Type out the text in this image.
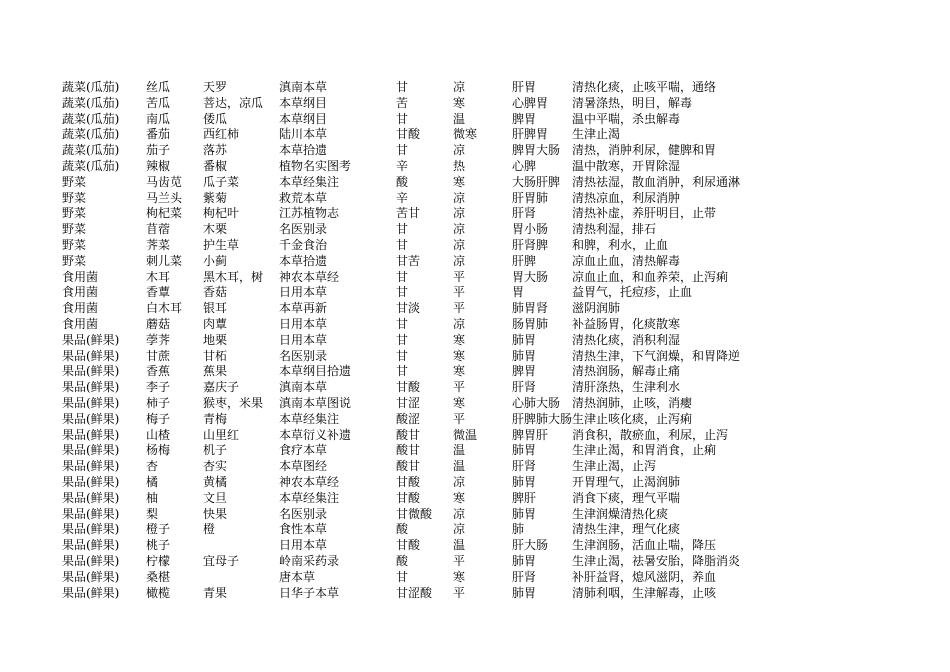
蔬菜(瓜茄)	丝瓜	天罗	滇南本草	甘	凉	肝胃	清热化痰，止咳平喘，通络
蔬菜(瓜茄)	苦瓜	菩达，凉瓜	本草纲目	苦	寒	心脾胃	清暑涤热，明目，解毒
蔬菜(瓜茄)	南瓜	倭瓜	本草纲目	甘	温	脾胃	温中平喘，杀虫解毒
蔬菜(瓜茄)	番茄	西红柿	陆川本草	甘酸	微寒	肝脾胃	生津止渴
蔬菜(瓜茄)	茄子	落苏	本草拾遗	甘	凉	脾胃大肠	清热，消肿利尿，健脾和胃
蔬菜(瓜茄)	辣椒	番椒	植物名实图考	辛	热	心脾	温中散寒，开胃除湿
野菜	马齿苋	瓜子菜	本草经集注	酸	寒	大肠肝脾	清热祛湿，散血消肿，利尿通淋
野菜	马兰头	紫菊	救荒本草	辛	凉	肝胃肺	清热凉血，利尿消肿
野菜	枸杞菜	枸杞叶	江苏植物志	苦甘	凉	肝肾	清热补虚，养肝明目，止带
野菜	苜蓿	木栗	名医别录	甘	凉	胃小肠	清热利湿，排石
野菜	荠菜	护生草	千金食治	甘	凉	肝肾脾	和脾，利水，止血
野菜	刺儿菜	小蓟	本草拾遗	甘苦	凉	肝脾	凉血止血，清热解毒
食用菌	木耳	黑木耳，树	神农本草经	甘	平	胃大肠	凉血止血，和血养荣，止泻痢
食用菌	香蕈	香菇	日用本草	甘	平	胃	益胃气，托痘疹，止血
食用菌	白木耳	银耳	本草再新	甘淡	平	肺胃肾	滋阴润肺
食用菌	蘑菇	肉蕈	日用本草	甘	凉	肠胃肺	补益肠胃，化痰散寒
果品(鲜果)	荸荠	地栗	日用本草	甘	寒	肺胃	清热化痰，消积利湿
果品(鲜果)	甘蔗	甘柘	名医别录	甘	寒	肺胃	清热生津，下气润燥，和胃降逆
果品(鲜果)	香蕉	蕉果	本草纲目拾遗	甘	寒	脾胃	清热润肠，解毒止痛
果品(鲜果)	李子	嘉庆子	滇南本草	甘酸	平	肝肾	清肝涤热，生津利水
果品(鲜果)	柿子	猴枣，米果	滇南本草图说	甘涩	寒	心肺大肠	清热润肺，止咳，消瘿
果品(鲜果)	梅子	青梅	本草经集注	酸涩	平	肝脾肺大肠	生津止咳化痰，止泻痢
果品(鲜果)	山楂	山里红	本草衍义补遗	酸甘	微温	脾胃肝	消食积，散瘀血，利尿，止泻
果品(鲜果)	杨梅	机子	食疗本草	酸甘	温	肺胃	生津止渴，和胃消食，止痢
果品(鲜果)	杏	杏实	本草图经	酸甘	温	肝肾	生津止渴，止泻
果品(鲜果)	橘	黄橘	神农本草经	甘酸	凉	肺胃	开胃理气，止渴润肺
果品(鲜果)	柚	文旦	本草经集注	甘酸	寒	脾肝	消食下痰，理气平喘
果品(鲜果)	梨	快果	名医别录	甘微酸	凉	肺胃	生津润燥清热化痰
果品(鲜果)	橙子	橙	食性本草	酸	凉	肺	清热生津，理气化痰
果品(鲜果)	桃子		日用本草	甘酸	温	肝大肠	生津润肠，活血止喘，降压
果品(鲜果)	柠檬	宜母子	岭南采药录	酸	平	肺胃	生津止渴，祛暑安胎，降脂消炎
果品(鲜果)	桑椹		唐本草	甘	寒	肝肾	补肝益肾，熄风滋阴，养血
果品(鲜果)	橄榄	青果	日华子本草	甘涩酸	平	肺胃	清肺利咽，生津解毒，止咳
